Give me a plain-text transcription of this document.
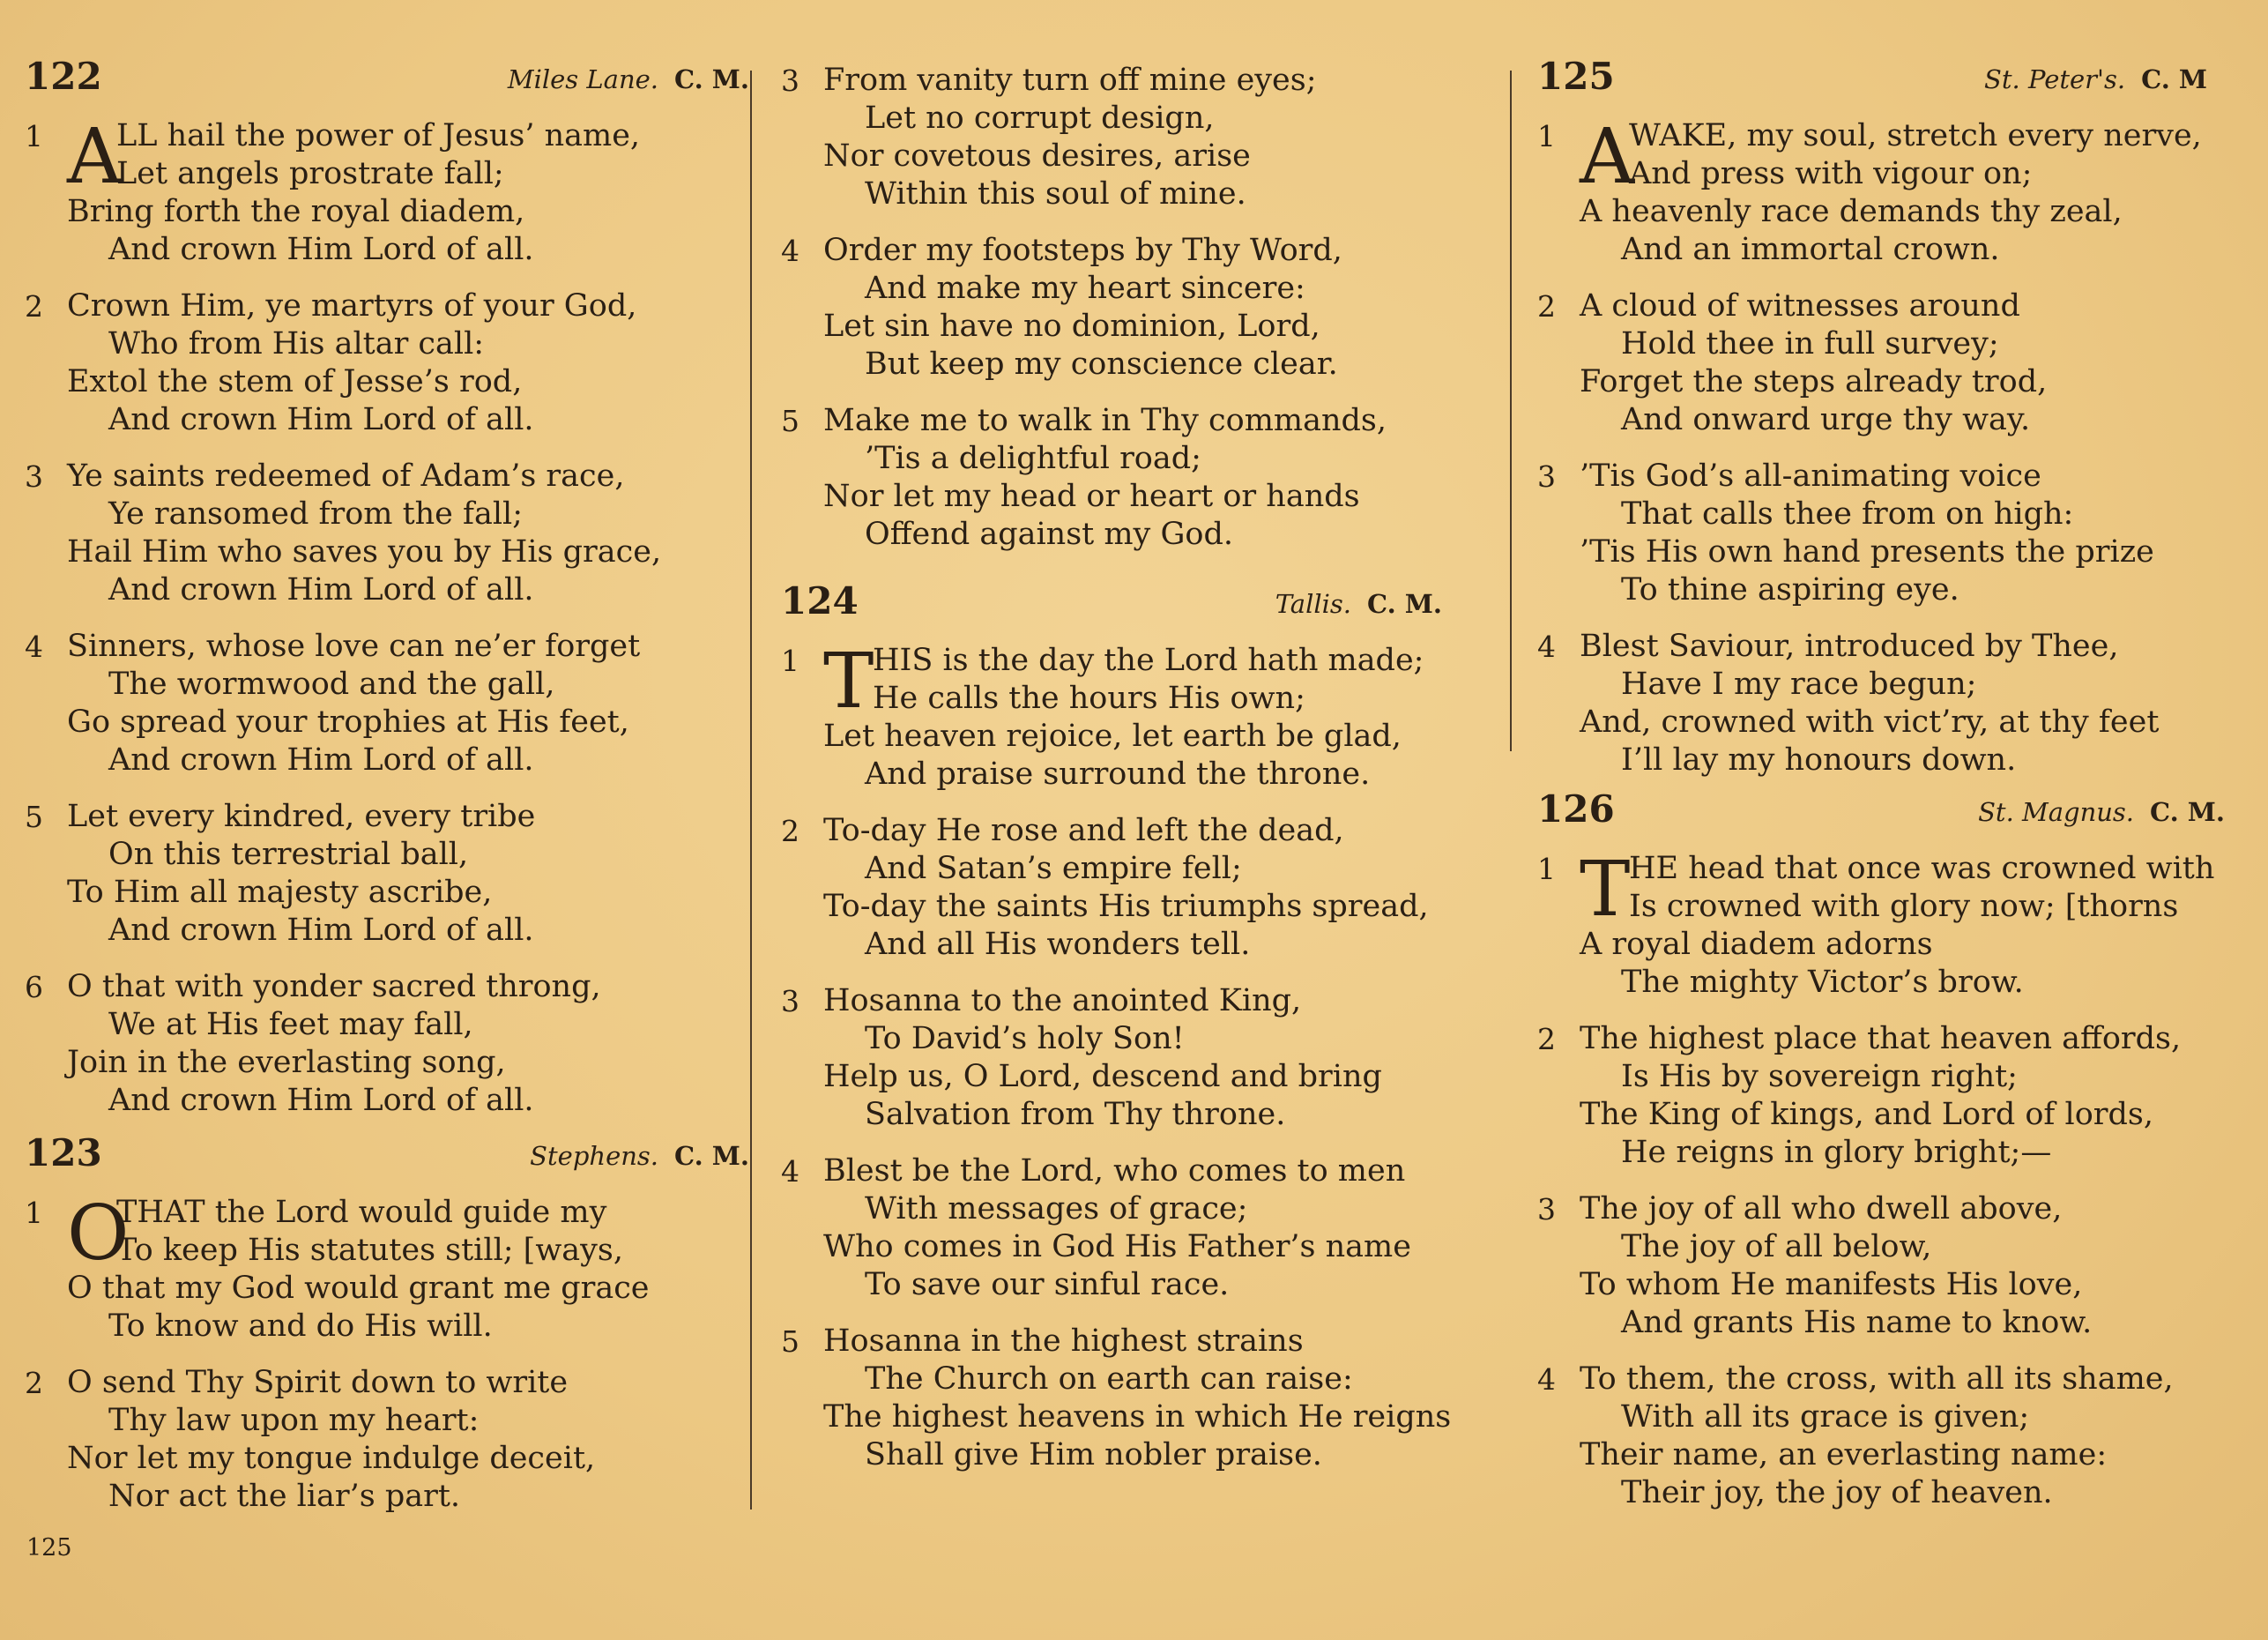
122	Miles Lane. C. M.
1 A
LL hail the power of Jesus’ name,
Let angels prostrate fall;
Bring forth the royal diadem,
And crown Him Lord of all.
2 Crown Him, ye martyrs of your God,
Who from His altar call:
Extol the stem of Jesse’s rod,
And crown Him Lord of all.
3 Ye saints redeemed of Adam’s race,
Ye ransomed from the fall;
Hail Him who saves you by His grace,
And crown Him Lord of all.
4 Sinners, whose love can ne’er forget
The wormwood and the gall,
Go spread your trophies at His feet,
And crown Him Lord of all.
5 Let every kindred, every tribe
On this terrestrial ball,
To Him all majesty ascribe,
And crown Him Lord of all.
6 O that with yonder sacred throng,
We at His feet may fall,
Join in the everlasting song,
And crown Him Lord of all.
123	Stephens. C. M.
1 O
THAT the Lord would guide my
To keep His statutes still; [ways,
O that my God would grant me grace
To know and do His will.
2 O send Thy Spirit down to write
Thy law upon my heart:
Nor let my tongue indulge deceit,
Nor act the liar’s part.
3 From vanity turn off mine eyes;
Let no corrupt design,
Nor covetous desires, arise
Within this soul of mine.
4 Order my footsteps by Thy Word,
And make my heart sincere:
Let sin have no dominion, Lord,
But keep my conscience clear.
5 Make me to walk in Thy commands,
’Tis a delightful road;
Nor let my head or heart or hands
Offend against my God.
124	Tallis. C. M.
1 T
HIS is the day the Lord hath made;
He calls the hours His own;
Let heaven rejoice, let earth be glad,
And praise surround the throne.
2 To-day He rose and left the dead,
And Satan’s empire fell;
To-day the saints His triumphs spread,
And all His wonders tell.
3 Hosanna to the anointed King,
To David’s holy Son!
Help us, O Lord, descend and bring
Salvation from Thy throne.
4 Blest be the Lord, who comes to men
With messages of grace;
Who comes in God His Father’s name
To save our sinful race.
5 Hosanna in the highest strains
The Church on earth can raise:
The highest heavens in which He reigns
Shall give Him nobler praise.
125	St. Peter's. C. M
1 A
WAKE, my soul, stretch every nerve,
And press with vigour on;
A heavenly race demands thy zeal,
And an immortal crown.
2 A cloud of witnesses around
Hold thee in full survey;
Forget the steps already trod,
And onward urge thy way.
3 ’Tis God’s all-animating voice
That calls thee from on high:
’Tis His own hand presents the prize
To thine aspiring eye.
4 Blest Saviour, introduced by Thee,
Have I my race begun;
And, crowned with vict’ry, at thy feet
I’ll lay my honours down.
126	St. Magnus. C. M.
1 T
HE head that once was crowned with
Is crowned with glory now; [thorns
A royal diadem adorns
The mighty Victor’s brow.
2 The highest place that heaven affords,
Is His by sovereign right;
The King of kings, and Lord of lords,
He reigns in glory bright;—
3 The joy of all who dwell above,
The joy of all below,
To whom He manifests His love,
And grants His name to know.
4 To them, the cross, with all its shame,
With all its grace is given;
Their name, an everlasting name:
Their joy, the joy of heaven.
125
